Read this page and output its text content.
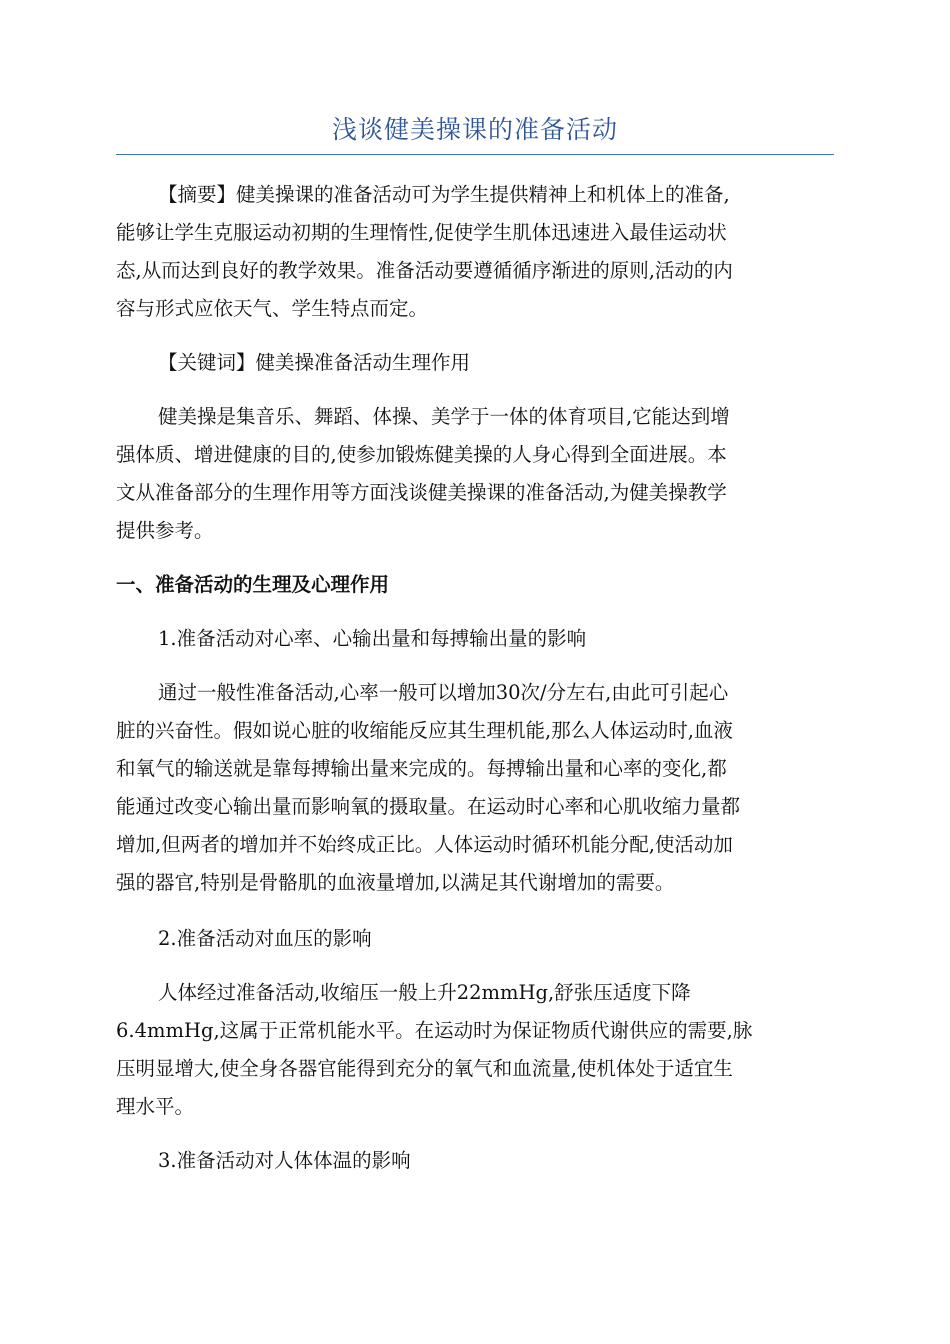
浅谈健美操课的准备活动

【摘要】健美操课的准备活动可为学生提供精神上和机体上的准备,
能够让学生克服运动初期的生理惰性,促使学生肌体迅速进入最佳运动状
态,从而达到良好的教学效果。准备活动要遵循循序渐进的原则,活动的内
容与形式应依天气、学生特点而定。

【关键词】健美操准备活动生理作用

健美操是集音乐、舞蹈、体操、美学于一体的体育项目,它能达到增
强体质、增进健康的目的,使参加锻炼健美操的人身心得到全面进展。本
文从准备部分的生理作用等方面浅谈健美操课的准备活动,为健美操教学
提供参考。

一、准备活动的生理及心理作用

1.准备活动对心率、心输出量和每搏输出量的影响

通过一般性准备活动,心率一般可以增加30次/分左右,由此可引起心
脏的兴奋性。假如说心脏的收缩能反应其生理机能,那么人体运动时,血液
和氧气的输送就是靠每搏输出量来完成的。每搏输出量和心率的变化,都
能通过改变心输出量而影响氧的摄取量。在运动时心率和心肌收缩力量都
增加,但两者的增加并不始终成正比。人体运动时循环机能分配,使活动加
强的器官,特别是骨骼肌的血液量增加,以满足其代谢增加的需要。

2.准备活动对血压的影响

人体经过准备活动,收缩压一般上升22mmHg,舒张压适度下降
6.4mmHg,这属于正常机能水平。在运动时为保证物质代谢供应的需要,脉
压明显增大,使全身各器官能得到充分的氧气和血流量,使机体处于适宜生
理水平。

3.准备活动对人体体温的影响
